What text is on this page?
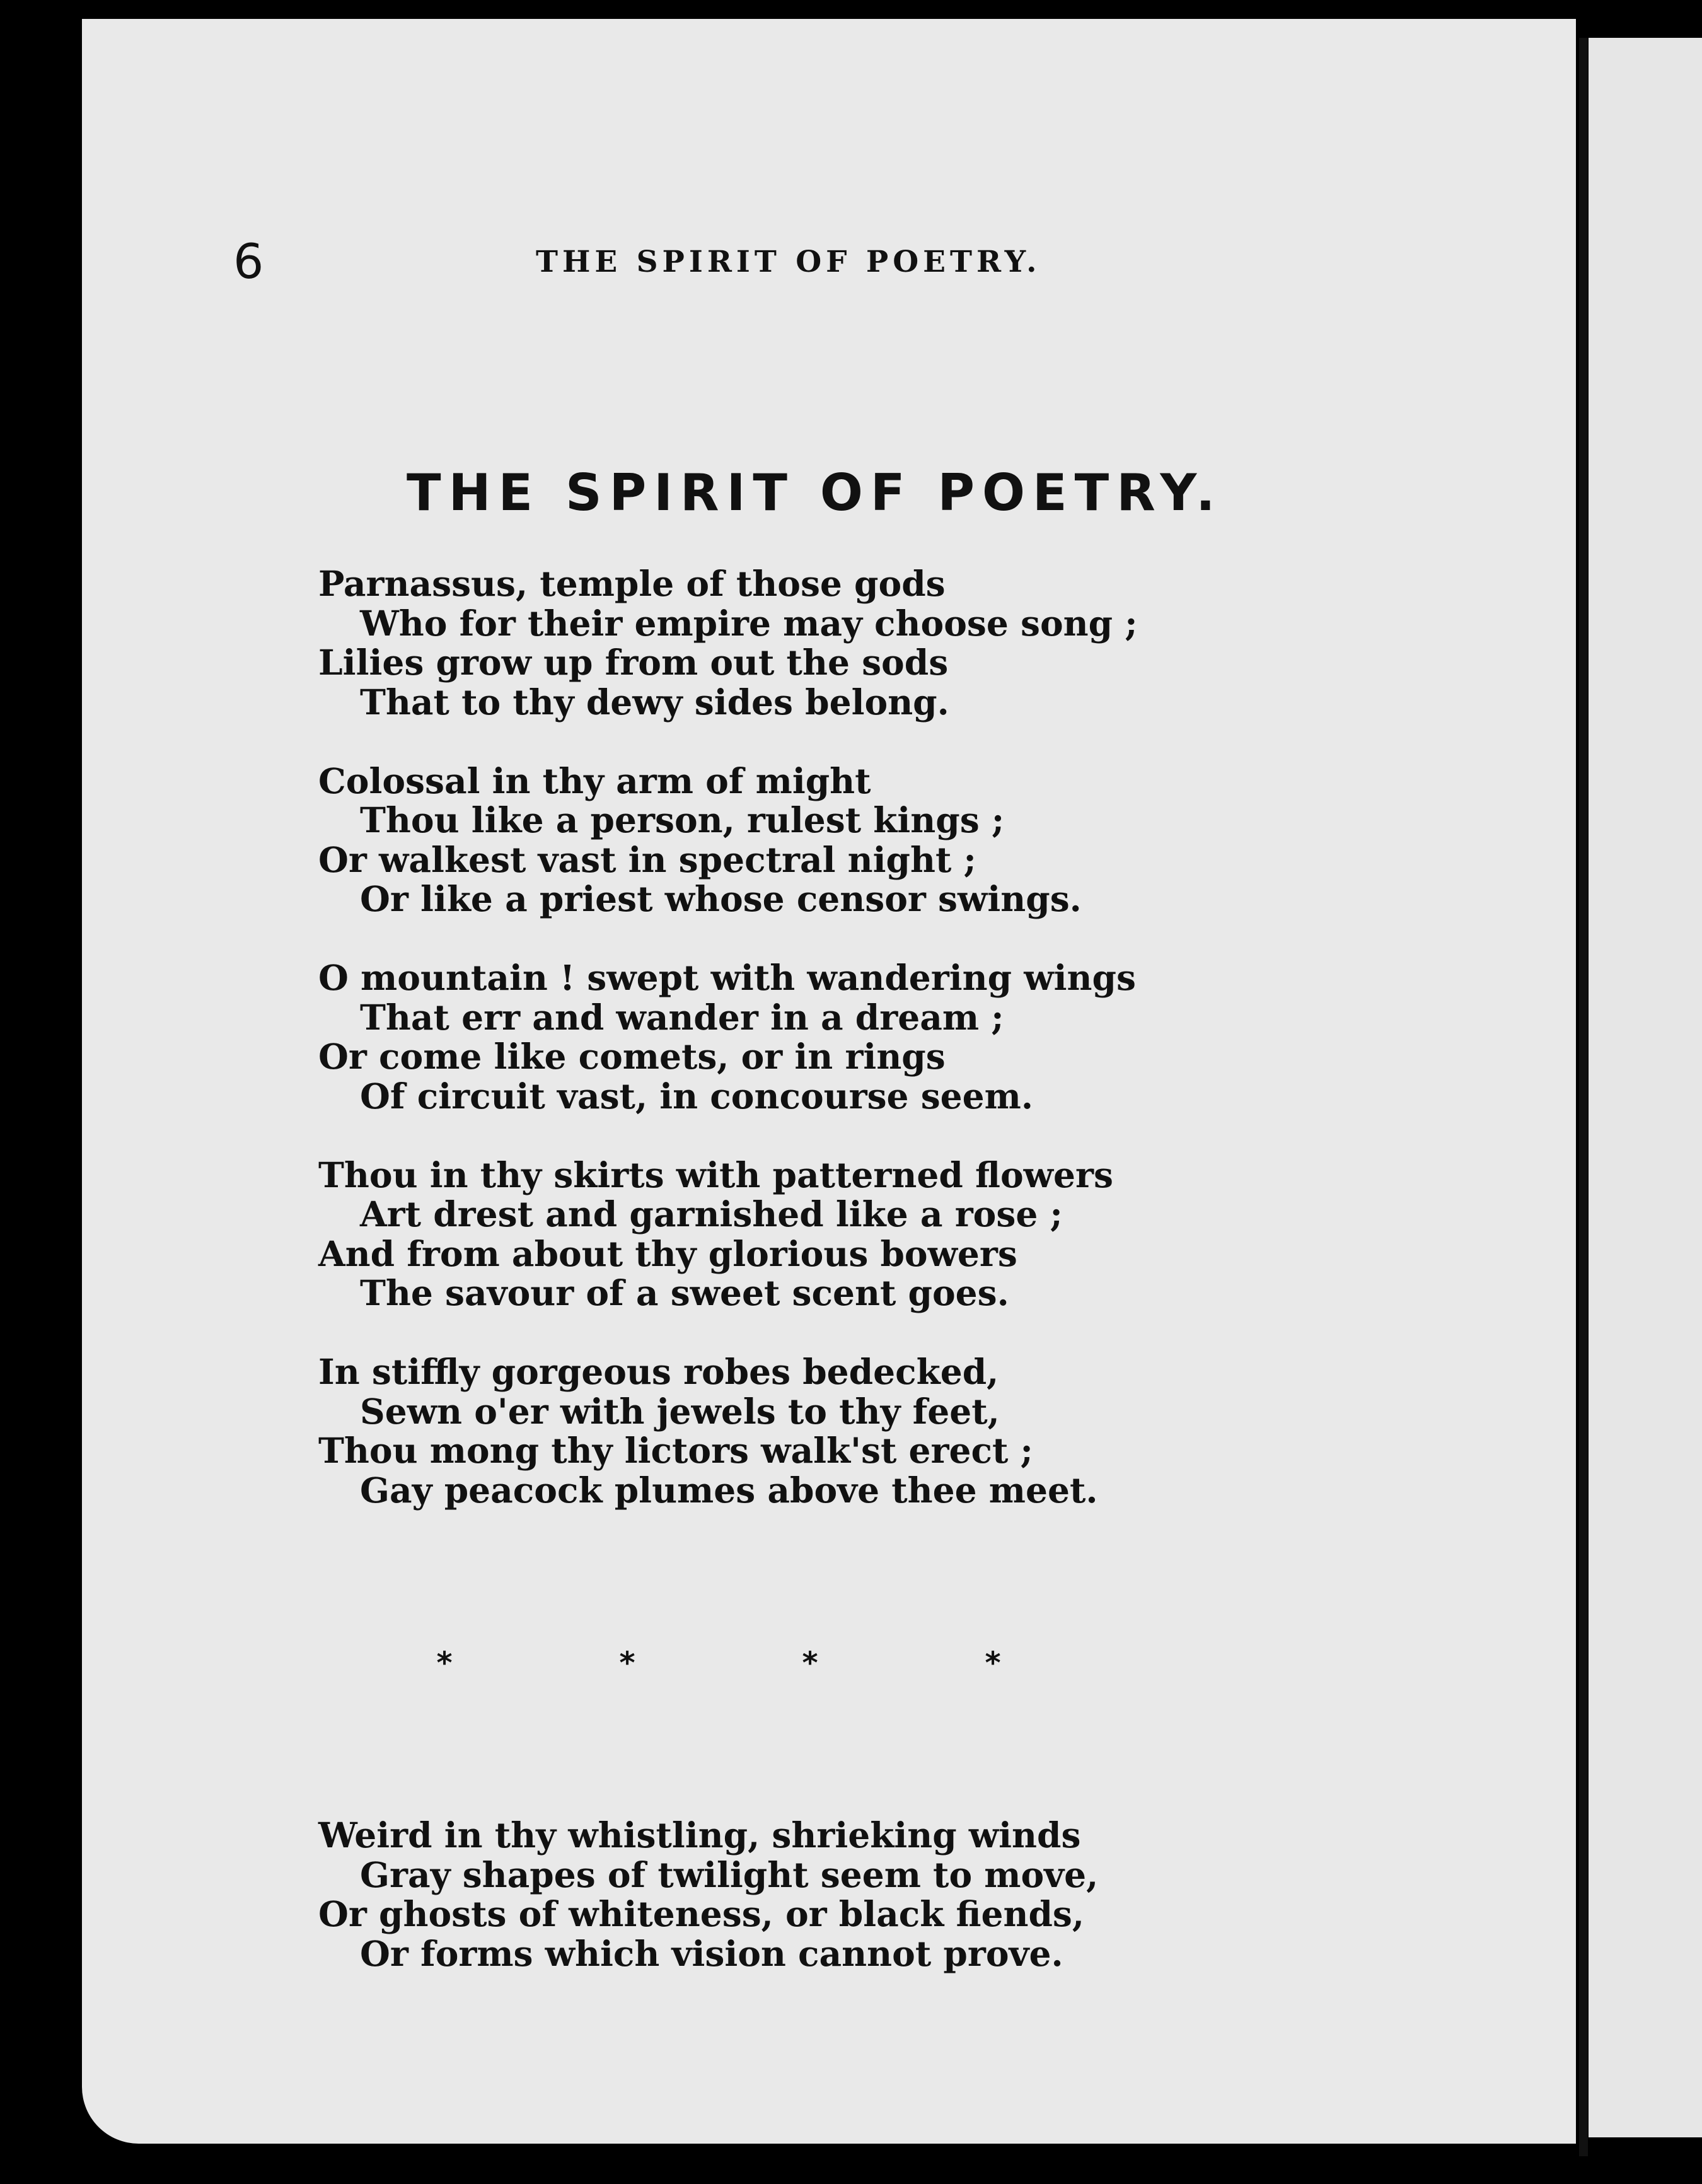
6	THE SPIRIT OF POETRY.
THE SPIRIT OF POETRY.
Parnassus, temple of those gods
Who for their empire may choose song ;
Lilies grow up from out the sods
That to thy dewy sides belong.
Colossal in thy arm of might
Thou like a person, rulest kings ;
Or walkest vast in spectral night ;
Or like a priest whose censor swings.
O mountain ! swept with wandering wings
That err and wander in a dream ;
Or come like comets, or in rings
Of circuit vast, in concourse seem.
Thou in thy skirts with patterned flowers
Art drest and garnished like a rose ;
And from about thy glorious bowers
The savour of a sweet scent goes.
In stiffly gorgeous robes bedecked,
Sewn o'er with jewels to thy feet,
Thou mong thy lictors walk'st erect ;
Gay peacock plumes above thee meet.
*	*	*	*
Weird in thy whistling, shrieking winds
Gray shapes of twilight seem to move,
Or ghosts of whiteness, or black fiends,
Or forms which vision cannot prove.
